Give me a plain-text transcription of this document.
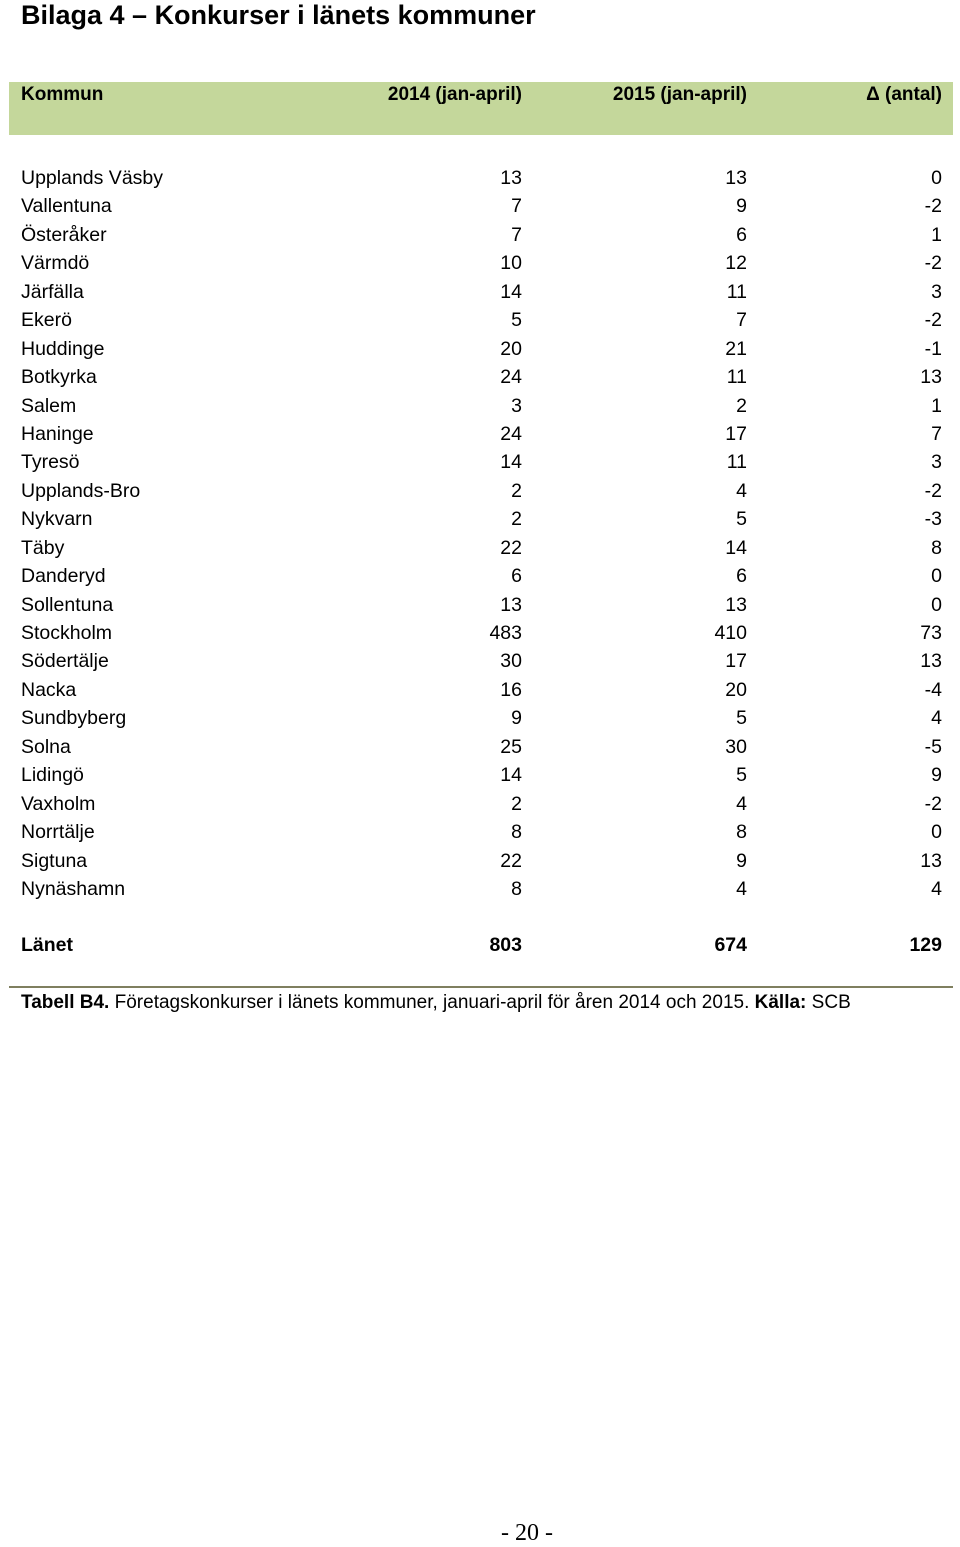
Bilaga 4 – Konkurser i länets kommuner
Kommun	2014 (jan-april)	2015 (jan-april)	Δ (antal)
Upplands Väsby	13	13	0
Vallentuna	7	9	-2
Österåker	7	6	1
Värmdö	10	12	-2
Järfälla	14	11	3
Ekerö	5	7	-2
Huddinge	20	21	-1
Botkyrka	24	11	13
Salem	3	2	1
Haninge	24	17	7
Tyresö	14	11	3
Upplands-Bro	2	4	-2
Nykvarn	2	5	-3
Täby	22	14	8
Danderyd	6	6	0
Sollentuna	13	13	0
Stockholm	483	410	73
Södertälje	30	17	13
Nacka	16	20	-4
Sundbyberg	9	5	4
Solna	25	30	-5
Lidingö	14	5	9
Vaxholm	2	4	-2
Norrtälje	8	8	0
Sigtuna	22	9	13
Nynäshamn	8	4	4
Länet	803	674	129
Tabell B4. Företagskonkurser i länets kommuner, januari-april för åren 2014 och 2015. Källa: SCB
- 20 -
